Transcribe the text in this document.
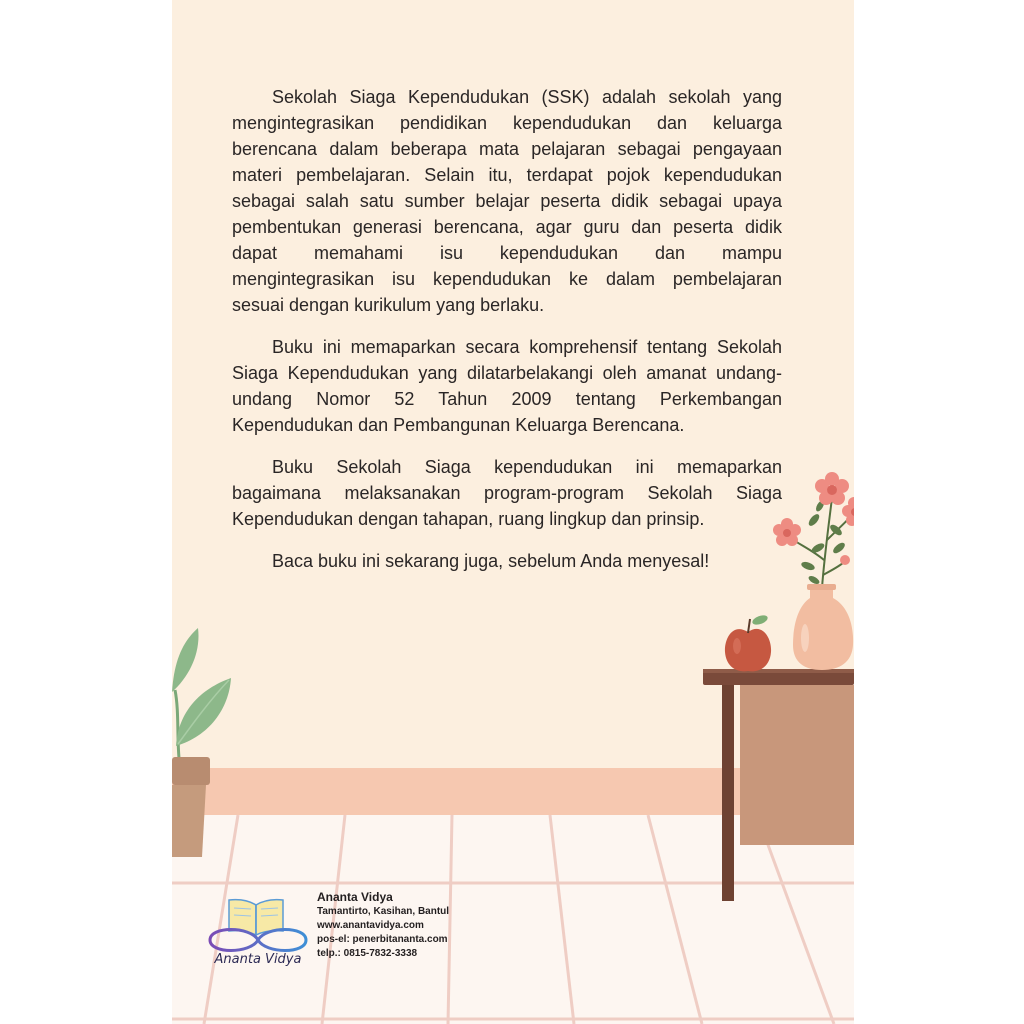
Sekolah Siaga Kependudukan (SSK) adalah sekolah yang
mengintegrasikan pendidikan kependudukan dan keluarga
berencana dalam beberapa mata pelajaran sebagai pengayaan
materi pembelajaran. Selain itu, terdapat pojok kependudukan
sebagai salah satu sumber belajar peserta didik sebagai upaya
pembentukan generasi berencana, agar guru dan peserta didik
dapat memahami isu kependudukan dan mampu
mengintegrasikan isu kependudukan ke dalam pembelajaran
sesuai dengan kurikulum yang berlaku.
Buku ini memaparkan secara komprehensif tentang Sekolah
Siaga Kependudukan yang dilatarbelakangi oleh amanat undang-
undang Nomor 52 Tahun 2009 tentang Perkembangan
Kependudukan dan Pembangunan Keluarga Berencana.
Buku Sekolah Siaga kependudukan ini memaparkan
bagaimana melaksanakan program-program Sekolah Siaga
Kependudukan dengan tahapan, ruang lingkup dan prinsip.
Baca buku ini sekarang juga, sebelum Anda menyesal!
Ananta Vidya
Ananta Vidya
Tamantirto, Kasihan, Bantul
www.anantavidya.com
pos-el: penerbitananta.com
telp.: 0815-7832-3338
